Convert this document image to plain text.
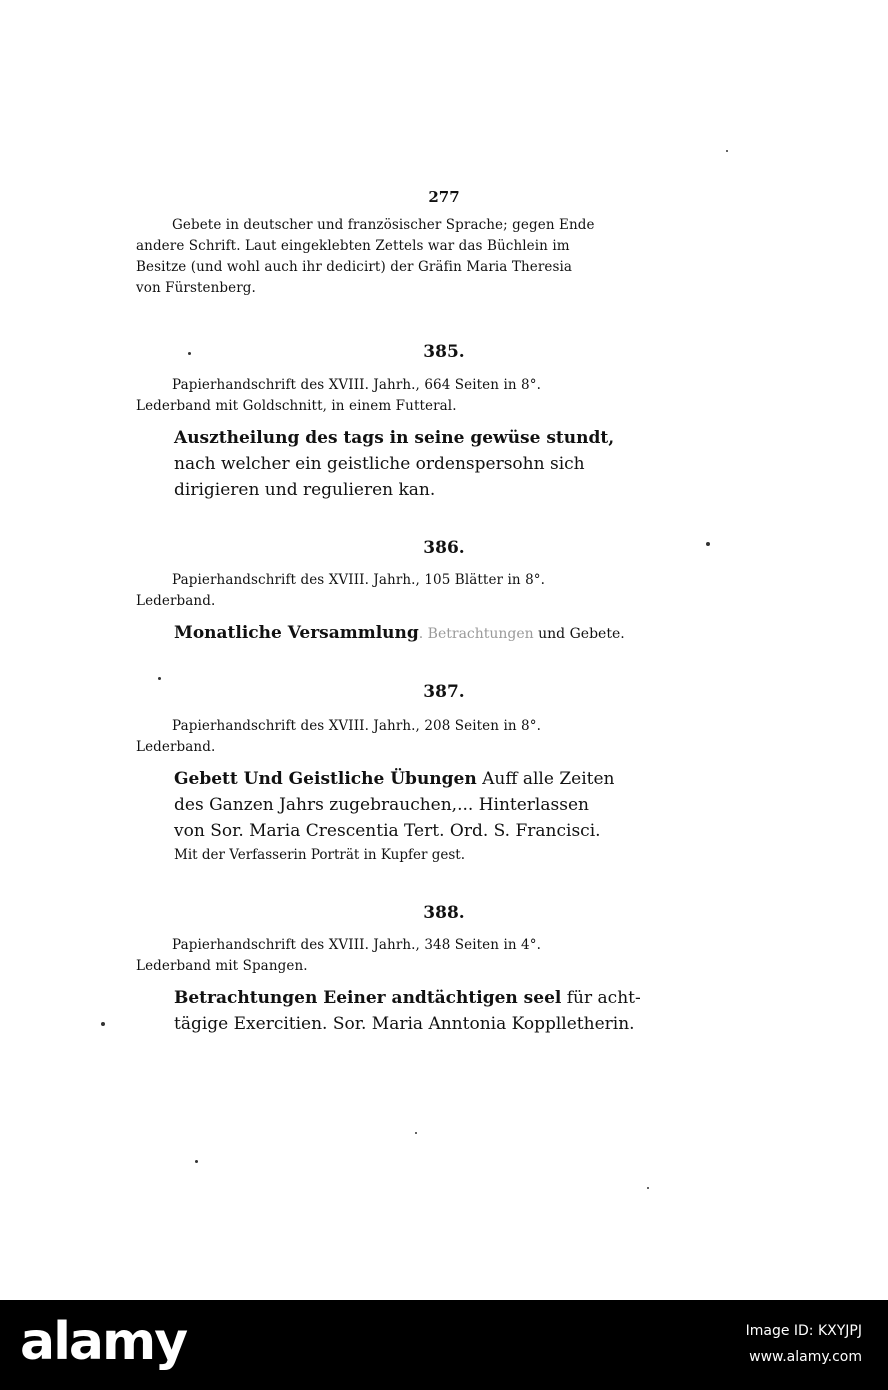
277
Gebete in deutscher und französischer Sprache; gegen Ende
andere Schrift. Laut eingeklebten Zettels war das Büchlein im
Besitze (und wohl auch ihr dedicirt) der Gräfin Maria Theresia
von Fürstenberg.
385.
Papierhandschrift des XVIII. Jahrh., 664 Seiten in 8°.
Lederband mit Goldschnitt, in einem Futteral.
Ausztheilung des tags in seine gewüse stundt,
nach welcher ein geistliche ordenspersohn sich
dirigieren und regulieren kan.
386.
Papierhandschrift des XVIII. Jahrh., 105 Blätter in 8°.
Lederband.
Monatliche Versammlung. Betrachtungen und Gebete.
387.
Papierhandschrift des XVIII. Jahrh., 208 Seiten in 8°.
Lederband.
Gebett Und Geistliche Übungen Auff alle Zeiten
des Ganzen Jahrs zugebrauchen,... Hinterlassen
von Sor. Maria Crescentia Tert. Ord. S. Francisci.
Mit der Verfasserin Porträt in Kupfer gest.
388.
Papierhandschrift des XVIII. Jahrh., 348 Seiten in 4°.
Lederband mit Spangen.
Betrachtungen Eeiner andtächtigen seel für acht-
tägige Exercitien. Sor. Maria Anntonia Kopplletherin.
alamy	Image ID: KXYJPJ
www.alamy.com
